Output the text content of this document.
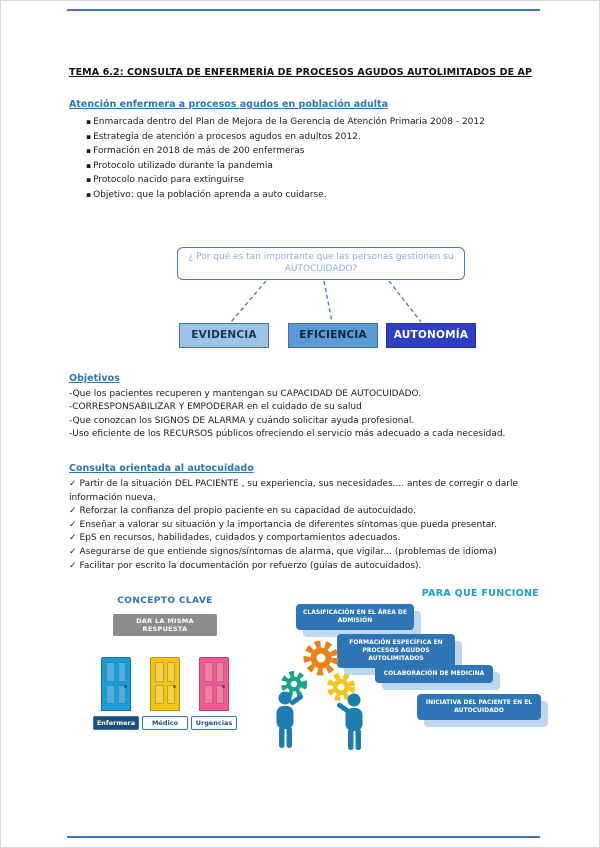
TEMA 6.2: CONSULTA DE ENFERMERÍA DE PROCESOS AGUDOS AUTOLIMITADOS DE AP
Atención enfermera a procesos agudos en población adulta
▪ Enmarcada dentro del Plan de Mejora de la Gerencia de Atención Primaria 2008 - 2012
▪ Estrategia de atención a procesos agudos en adultos 2012.
▪ Formación en 2018 de más de 200 enfermeras
▪ Protocolo utilizado durante la pandemia
▪ Protocolo nacido para extinguirse
▪ Objetivo: que la población aprenda a auto cuidarse.
¿ Por qué es tan importante que las personas gestionen su AUTOCUIDADO?
EVIDENCIA	EFICIENCIA	AUTONOMÍA
Objetivos
-Que los pacientes recuperen y mantengan su CAPACIDAD DE AUTOCUIDADO.
-CORRESPONSABILIZAR Y EMPODERAR en el cuidado de su salud
-Que conozcan los SIGNOS DE ALARMA y cuándo solicitar ayuda profesional.
-Uso eficiente de los RECURSOS públicos ofreciendo el servicio más adecuado a cada necesidad.
Consulta orientada al autocuidado
✓ Partir de la situación DEL PACIENTE , su experiencia, sus necesidades.... antes de corregir o darle información nueva.
✓ Reforzar la confianza del propio paciente en su capacidad de autocuidado.
✓ Enseñar a valorar su situación y la importancia de diferentes síntomas que pueda presentar.
✓ EpS en recursos, habilidades, cuidados y comportamientos adecuados.
✓ Asegurarse de que entiende signos/síntomas de alarma, que vigilar... (problemas de idioma)
✓ Facilitar por escrito la documentación por refuerzo (guías de autocuidados).
CONCEPTO CLAVE
DAR LA MISMA RESPUESTA
Enfermera	Médico	Urgencias
PARA QUE FUNCIONE
CLASIFICACIÓN EN EL ÁREA DE ADMISIÓN
FORMACIÓN ESPECÍFICA EN PROCESOS AGUDOS AUTOLIMITADOS
COLABORACIÓN DE MEDICINA
INICIATIVA DEL PACIENTE EN EL AUTOCUIDADO
